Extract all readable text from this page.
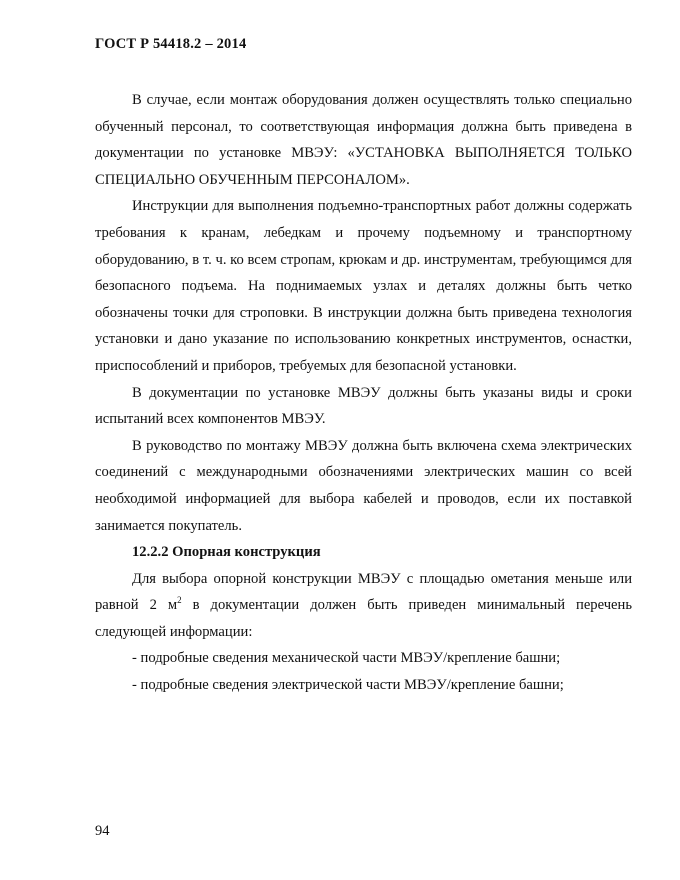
ГОСТ Р 54418.2 – 2014

В случае, если монтаж оборудования должен осуществлять только специально обученный персонал, то соответствующая информация должна быть приведена в документации по установке МВЭУ: «УСТАНОВКА ВЫПОЛНЯЕТСЯ ТОЛЬКО СПЕЦИАЛЬНО ОБУЧЕННЫМ ПЕРСОНАЛОМ».

Инструкции для выполнения подъемно-транспортных работ должны содержать требования к кранам, лебедкам и прочему подъемному и транспортному оборудованию, в т. ч. ко всем стропам, крюкам и др. инструментам, требующимся для безопасного подъема. На поднимаемых узлах и деталях должны быть четко обозначены точки для строповки. В инструкции должна быть приведена технология установки и дано указание по использованию конкретных инструментов, оснастки, приспособлений и приборов, требуемых для безопасной установки.

В документации по установке МВЭУ должны быть указаны виды и сроки испытаний всех компонентов МВЭУ.

В руководство по монтажу МВЭУ должна быть включена схема электрических соединений с международными обозначениями электрических машин со всей необходимой информацией для выбора кабелей и проводов, если их поставкой занимается покупатель.

12.2.2 Опорная конструкция

Для выбора опорной конструкции МВЭУ с площадью ометания меньше или равной 2 $м^2$ в документации должен быть приведен минимальный перечень следующей информации:

- подробные сведения механической части МВЭУ/крепление башни;

- подробные сведения электрической части МВЭУ/крепление башни;

94
